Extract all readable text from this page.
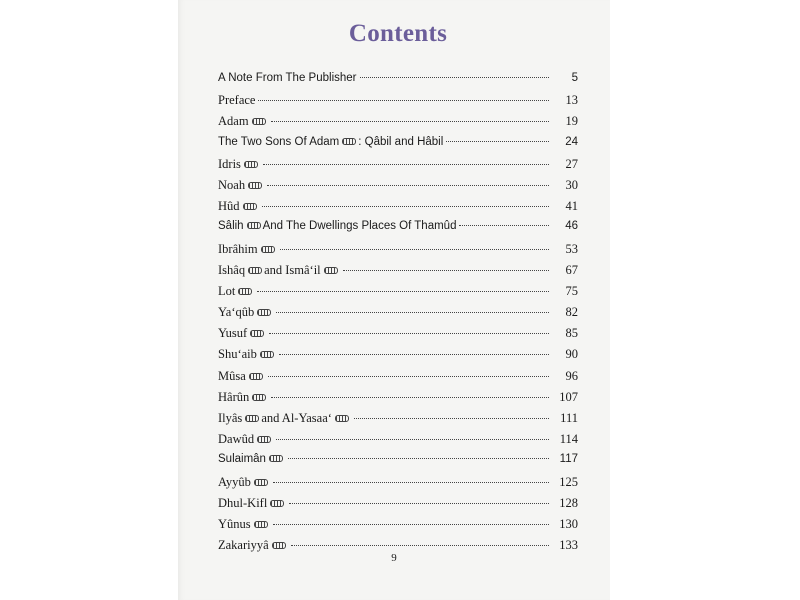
Contents
A Note From The Publisher	5
Preface	13
Adam	19
The Two Sons Of Adam : Qâbil and Hâbil	24
Idris	27
Noah	30
Hûd	41
Sâlih And The Dwellings Places Of Thamûd	46
Ibrâhim	53
Ishâq and Ismâ‘il	67
Lot	75
Ya‘qûb	82
Yusuf	85
Shu‘aib	90
Mûsa	96
Hârûn	107
Ilyâs and Al-Yasaa‘	111
Dawûd	114
Sulaimân	117
Ayyûb	125
Dhul-Kifl	128
Yûnus	130
Zakariyyâ	133
9
